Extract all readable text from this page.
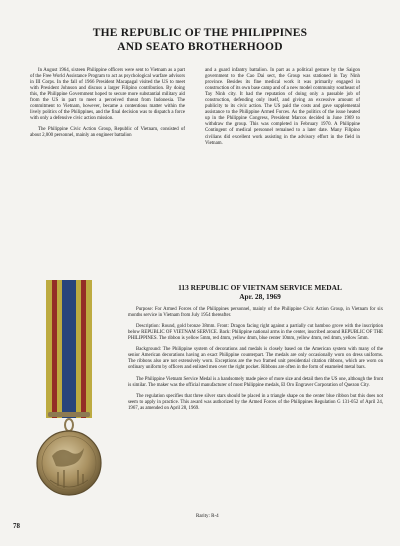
THE REPUBLIC OF THE PHILIPPINES
AND SEATO BROTHERHOOD

In August 1964, sixteen Philippine officers were sent to Vietnam as a part of the Free World Assistance Program to act as psychological warfare advisors in III Corps. In the fall of 1966 President Macapagal visited the US to meet with President Johnson and discuss a larger Filipino contribution. By doing this, the Philippine Government hoped to secure more substantial military aid from the US in part to meet a perceived threat from Indonesia. The commitment to Vietnam, however, became a contentious matter within the lively politics of the Philippines, and the final decision was to dispatch a force with only a defensive civic action mission.

The Philippine Civic Action Group, Republic of Vietnam, consisted of about 2,000 personnel, mainly an engineer battalion

and a guard infantry battalion. In part as a political gesture by the Saigon government to the Cao Dai sect, the Group was stationed in Tay Ninh province. Besides its fine medical work it was primarily engaged in construction of its own base camp and of a new model community southeast of Tay Ninh city. It had the reputation of doing only a passable job of construction, defending only itself, and giving an excessive amount of publicity to its civic action. The US paid the costs and gave supplemental assistance to the Philippine Armed Forces. As the politics of the issue heated up in the Philippine Congress, President Marcos decided in June 1969 to withdraw the group. This was completed in February 1970. A Philippine Contingent of medical personnel remained to a later date. Many Filipino civilians did excellent work assisting in the advisory effort in the field in Vietnam.

113 REPUBLIC OF VIETNAM SERVICE MEDAL
Apr. 28, 1969

Purpose: For Armed Forces of the Philippines personnel, mainly of the Philippine Civic Action Group, in Vietnam for six months service in Vietnam from July 1954 thereafter.

Description: Round, gold bronze 38mm. Front: Dragon facing right against a partially cut bamboo grove with the inscription below REPUBLIC OF VIETNAM SERVICE. Back: Philippine national arms in the center, inscribed around REPUBLIC OF THE PHILIPPINES. The ribbon is yellow 5mm, red 4mm, yellow 4mm, blue center 10mm, yellow 4mm, red 4mm, yellow 5mm.

Background: The Philippine system of decorations and medals is closely based on the American system with many of the senior American decorations having an exact Philippine counterpart. The medals are only occasionally worn on dress uniforms. The ribbons also are not extensively worn. Exceptions are the two framed unit presidential citation ribbons, which are worn on ordinary uniform by officers and enlisted men over the right pocket. Ribbons are often in the form of enameled metal bars.

The Philippine Vietnam Service Medal is a handsomely made piece of more size and detail then the US one, although the front is similar. The maker was the official manufacturer of most Philippine medals, El Oro Engraver Corporation of Quezon City.

The regulation specifies that three silver stars should be placed in a triangle shape on the center blue ribbon but this does not seem to apply in practice. This award was authorized by the Armed Forces of the Philippines Regulation G 131-052 of April 24, 1967, as amended on April 28, 1969.

Rarity: R-4
78
